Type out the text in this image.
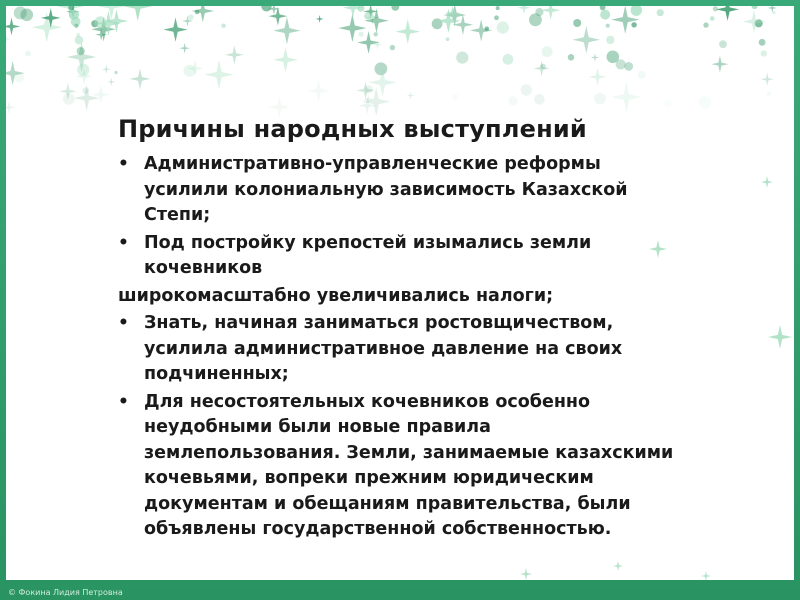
Причины народных выступлений
• Административно-управленческие реформы усилили колониальную зависимость Казахской Степи;
• Под постройку крепостей изымались земли кочевников
широкомасштабно увеличивались налоги;
• Знать, начиная заниматься ростовщичеством, усилила административное давление на своих подчиненных;
• Для несостоятельных кочевников особенно неудобными были новые правила землепользования. Земли, занимаемые казахскими кочевьями, вопреки прежним юридическим документам и обещаниям правительства, были объявлены государственной собственностью.
© Фокина Лидия Петровна
